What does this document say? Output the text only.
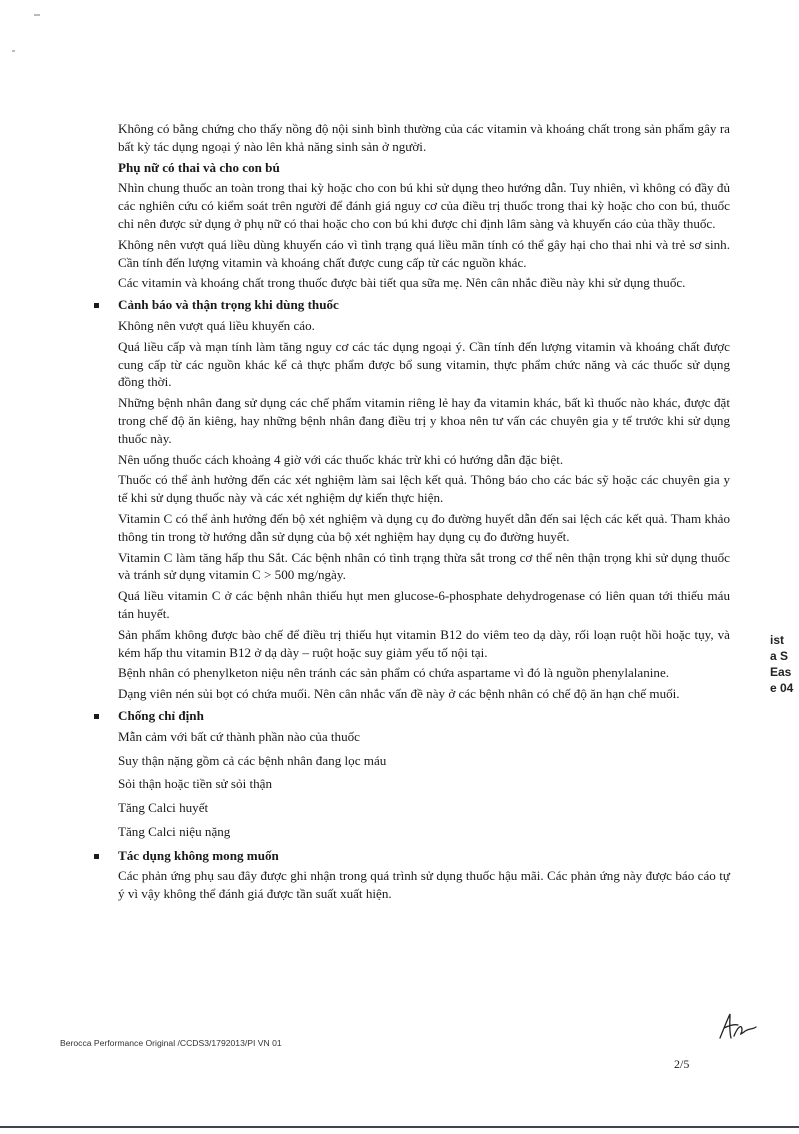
Không có bằng chứng cho thấy nồng độ nội sinh bình thường của các vitamin và khoáng chất trong sản phẩm gây ra bất kỳ tác dụng ngoại ý nào lên khả năng sinh sản ở người.

Phụ nữ có thai và cho con bú

Nhìn chung thuốc an toàn trong thai kỳ hoặc cho con bú khi sử dụng theo hướng dẫn. Tuy nhiên, vì không có đầy đủ các nghiên cứu có kiểm soát trên người để đánh giá nguy cơ của điều trị thuốc trong thai kỳ hoặc cho con bú, thuốc chỉ nên được sử dụng ở phụ nữ có thai hoặc cho con bú khi được chỉ định lâm sàng và khuyến cáo của thầy thuốc.

Không nên vượt quá liều dùng khuyến cáo vì tình trạng quá liều mãn tính có thể gây hại cho thai nhi và trẻ sơ sinh. Cần tính đến lượng vitamin và khoáng chất được cung cấp từ các nguồn khác.

Các vitamin và khoáng chất trong thuốc được bài tiết qua sữa mẹ. Nên cân nhắc điều này khi sử dụng thuốc.

Cảnh báo và thận trọng khi dùng thuốc

Không nên vượt quá liều khuyến cáo.

Quá liều cấp và mạn tính làm tăng nguy cơ các tác dụng ngoại ý. Cần tính đến lượng vitamin và khoáng chất được cung cấp từ các nguồn khác kể cả thực phẩm được bổ sung vitamin, thực phẩm chức năng và các thuốc sử dụng đồng thời.

Những bệnh nhân đang sử dụng các chế phẩm vitamin riêng lẻ hay đa vitamin khác, bất kì thuốc nào khác, được đặt trong chế độ ăn kiêng, hay những bệnh nhân đang điều trị y khoa nên tư vấn các chuyên gia y tế trước khi sử dụng thuốc này.

Nên uống thuốc cách khoảng 4 giờ với các thuốc khác trừ khi có hướng dẫn đặc biệt.

Thuốc có thể ảnh hưởng đến các xét nghiệm làm sai lệch kết quả. Thông báo cho các bác sỹ hoặc các chuyên gia y tế khi sử dụng thuốc này và các xét nghiệm dự kiến thực hiện.

Vitamin C có thể ảnh hưởng đến bộ xét nghiệm và dụng cụ đo đường huyết dẫn đến sai lệch các kết quả. Tham khảo thông tin trong tờ hướng dẫn sử dụng của bộ xét nghiệm hay dụng cụ đo đường huyết.

Vitamin C làm tăng hấp thu Sắt. Các bệnh nhân có tình trạng thừa sắt trong cơ thể nên thận trọng khi sử dụng thuốc và tránh sử dụng vitamin C > 500 mg/ngày.

Quá liều vitamin C ở các bệnh nhân thiếu hụt men glucose-6-phosphate dehydrogenase có liên quan tới thiếu máu tán huyết.

Sản phẩm không được bào chế để điều trị thiếu hụt vitamin B12 do viêm teo dạ dày, rối loạn ruột hồi hoặc tụy, và kém hấp thu vitamin B12 ở dạ dày – ruột hoặc suy giảm yếu tố nội tại.

Bệnh nhân có phenylketon niệu nên tránh các sản phẩm có chứa aspartame vì đó là nguồn phenylalanine.

Dạng viên nén sủi bọt có chứa muối. Nên cân nhắc vấn đề này ở các bệnh nhân có chế độ ăn hạn chế muối.

Chống chỉ định
Mẫn cảm với bất cứ thành phần nào của thuốc
Suy thận nặng gồm cả các bệnh nhân đang lọc máu
Sỏi thận hoặc tiền sử sỏi thận
Tăng Calci huyết
Tăng Calci niệu nặng
Tác dụng không mong muốn

Các phản ứng phụ sau đây được ghi nhận trong quá trình sử dụng thuốc hậu mãi. Các phản ứng này được báo cáo tự ý vì vậy không thể đánh giá được tần suất xuất hiện.

ist
a S
Eas
e 04
Berocca Performance Original /CCDS3/1792013/PI VN 01
2/5
